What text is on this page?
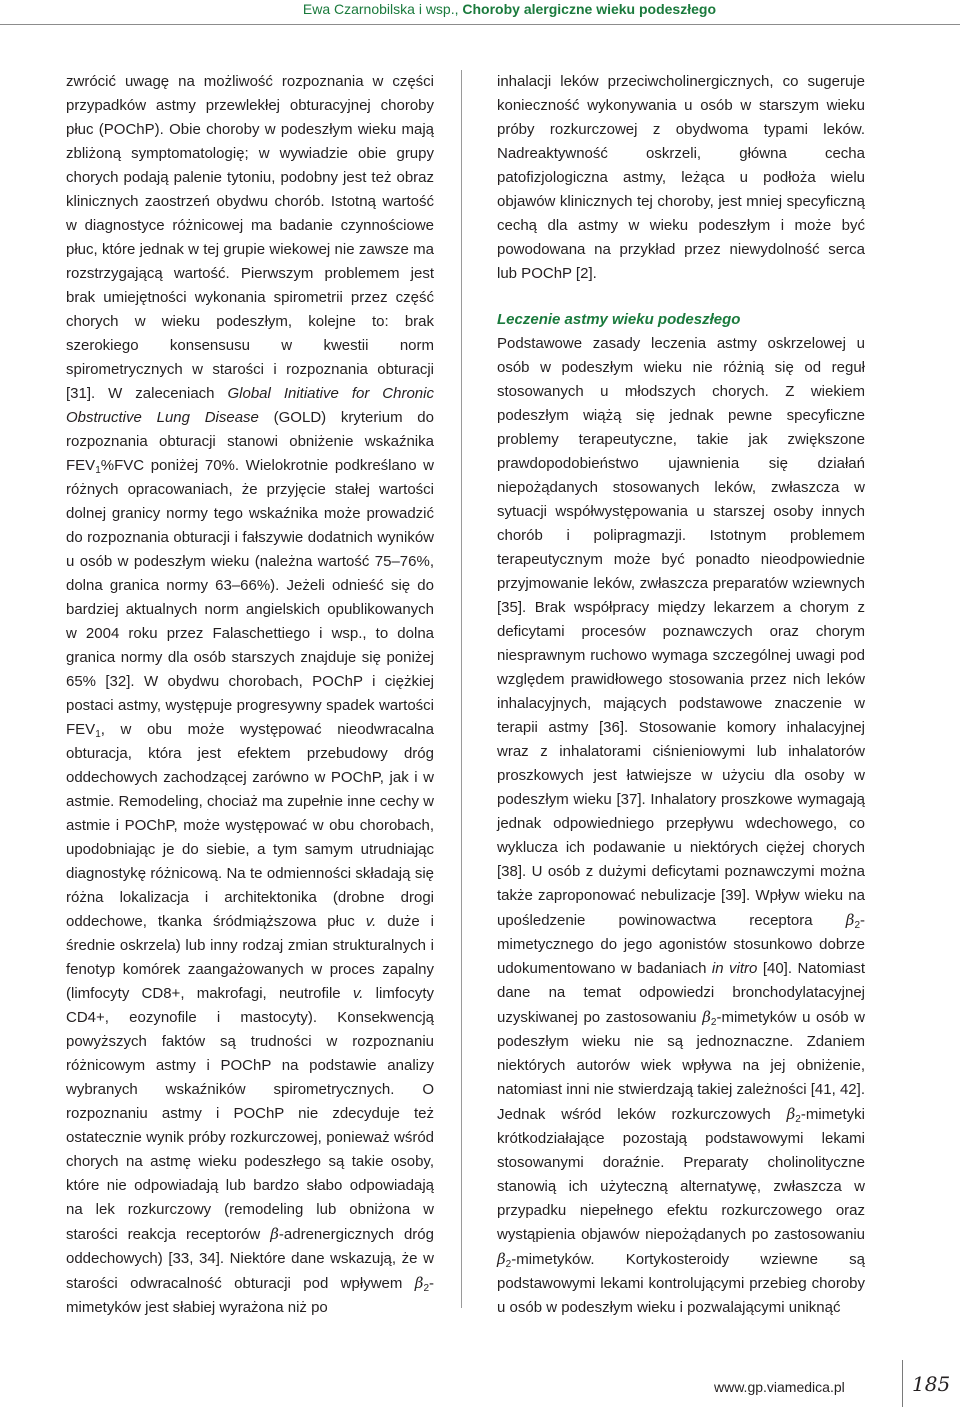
Ewa Czarnobilska i wsp., Choroby alergiczne wieku podeszłego

zwrócić uwagę na możliwość rozpoznania w części przypadków astmy przewlekłej obturacyjnej choroby płuc (POChP). Obie choroby w podeszłym wieku mają zbliżoną symptomatologię; w wywiadzie obie grupy chorych podają palenie tytoniu, podobny jest też obraz klinicznych zaostrzeń obydwu chorób. Istotną wartość w diagnostyce różnicowej ma badanie czynnościowe płuc, które jednak w tej grupie wiekowej nie zawsze ma rozstrzygającą wartość. Pierwszym problemem jest brak umiejętności wykonania spirometrii przez część chorych w wieku podeszłym, kolejne to: brak szerokiego konsensusu w kwestii norm spirometrycznych w starości i rozpoznania obturacji [31]. W zaleceniach Global Initiative for Chronic Obstructive Lung Disease (GOLD) kryterium do rozpoznania obturacji stanowi obniżenie wskaźnika $FEV_1\%FVC$ poniżej 70%. Wielokrotnie podkreślano w różnych opracowaniach, że przyjęcie stałej wartości dolnej granicy normy tego wskaźnika może prowadzić do rozpoznania obturacji i fałszywie dodatnich wyników u osób w podeszłym wieku (należna wartość 75–76%, dolna granica normy 63–66%). Jeżeli odnieść się do bardziej aktualnych norm angielskich opublikowanych w 2004 roku przez Falaschettiego i wsp., to dolna granica normy dla osób starszych znajduje się poniżej 65% [32]. W obydwu chorobach, POChP i ciężkiej postaci astmy, występuje progresywny spadek wartości $FEV_1$, w obu może występować nieodwracalna obturacja, która jest efektem przebudowy dróg oddechowych zachodzącej zarówno w POChP, jak i w astmie. Remodeling, chociaż ma zupełnie inne cechy w astmie i POChP, może występować w obu chorobach, upodobniając je do siebie, a tym samym utrudniając diagnostykę różnicową. Na te odmienności składają się różna lokalizacja i architektonika (drobne drogi oddechowe, tkanka śródmiąższowa płuc v. duże i średnie oskrzela) lub inny rodzaj zmian strukturalnych i fenotyp komórek zaangażowanych w proces zapalny (limfocyty CD8+, makrofagi, neutrofile v. limfocyty CD4+, eozynofile i mastocyty). Konsekwencją powyższych faktów są trudności w rozpoznaniu różnicowym astmy i POChP na podstawie analizy wybranych wskaźników spirometrycznych. O rozpoznaniu astmy i POChP nie zdecyduje też ostatecznie wynik próby rozkurczowej, ponieważ wśród chorych na astmę wieku podeszłego są takie osoby, które nie odpowiadają lub bardzo słabo odpowiadają na lek rozkurczowy (remodeling lub obniżona w starości reakcja receptorów β-adrenergicznych dróg oddechowych) [33, 34]. Niektóre dane wskazują, że w starości odwracalność obturacji pod wpływem $\beta_2$-mimetyków jest słabiej wyrażona niż po

inhalacji leków przeciwcholinergicznych, co sugeruje konieczność wykonywania u osób w starszym wieku próby rozkurczowej z obydwoma typami leków. Nadreaktywność oskrzeli, główna cecha patofizjologiczna astmy, leżąca u podłoża wielu objawów klinicznych tej choroby, jest mniej specyficzną cechą dla astmy w wieku podeszłym i może być powodowana na przykład przez niewydolność serca lub POChP [2].

Leczenie astmy wieku podeszłego

Podstawowe zasady leczenia astmy oskrzelowej u osób w podeszłym wieku nie różnią się od reguł stosowanych u młodszych chorych. Z wiekiem podeszłym wiążą się jednak pewne specyficzne problemy terapeutyczne, takie jak zwiększone prawdopodobieństwo ujawnienia się działań niepożądanych stosowanych leków, zwłaszcza w sytuacji współwystępowania u starszej osoby innych chorób i polipragmazji. Istotnym problemem terapeutycznym może być ponadto nieodpowiednie przyjmowanie leków, zwłaszcza preparatów wziewnych [35]. Brak współpracy między lekarzem a chorym z deficytami procesów poznawczych oraz chorym niesprawnym ruchowo wymaga szczególnej uwagi pod względem prawidłowego stosowania przez nich leków inhalacyjnych, mających podstawowe znaczenie w terapii astmy [36]. Stosowanie komory inhalacyjnej wraz z inhalatorami ciśnieniowymi lub inhalatorów proszkowych jest łatwiejsze w użyciu dla osoby w podeszłym wieku [37]. Inhalatory proszkowe wymagają jednak odpowiedniego przepływu wdechowego, co wyklucza ich podawanie u niektórych ciężej chorych [38]. U osób z dużymi deficytami poznawczymi można także zaproponować nebulizacje [39]. Wpływ wieku na upośledzenie powinowactwa receptora $\beta_2$-mimetycznego do jego agonistów stosunkowo dobrze udokumentowano w badaniach in vitro [40]. Natomiast dane na temat odpowiedzi bronchodylatacyjnej uzyskiwanej po zastosowaniu $\beta_2$-mimetyków u osób w podeszłym wieku nie są jednoznaczne. Zdaniem niektórych autorów wiek wpływa na jej obniżenie, natomiast inni nie stwierdzają takiej zależności [41, 42]. Jednak wśród leków rozkurczowych $\beta_2$-mimetyki krótkodziałające pozostają podstawowymi lekami stosowanymi doraźnie. Preparaty cholinolityczne stanowią ich użyteczną alternatywę, zwłaszcza w przypadku niepełnego efektu rozkurczowego oraz wystąpienia objawów niepożądanych po zastosowaniu $\beta_2$-mimetyków. Kortykosteroidy wziewne są podstawowymi lekami kontrolującymi przebieg choroby u osób w podeszłym wieku i pozwalającymi uniknąć

www.gp.viamedica.pl	185
